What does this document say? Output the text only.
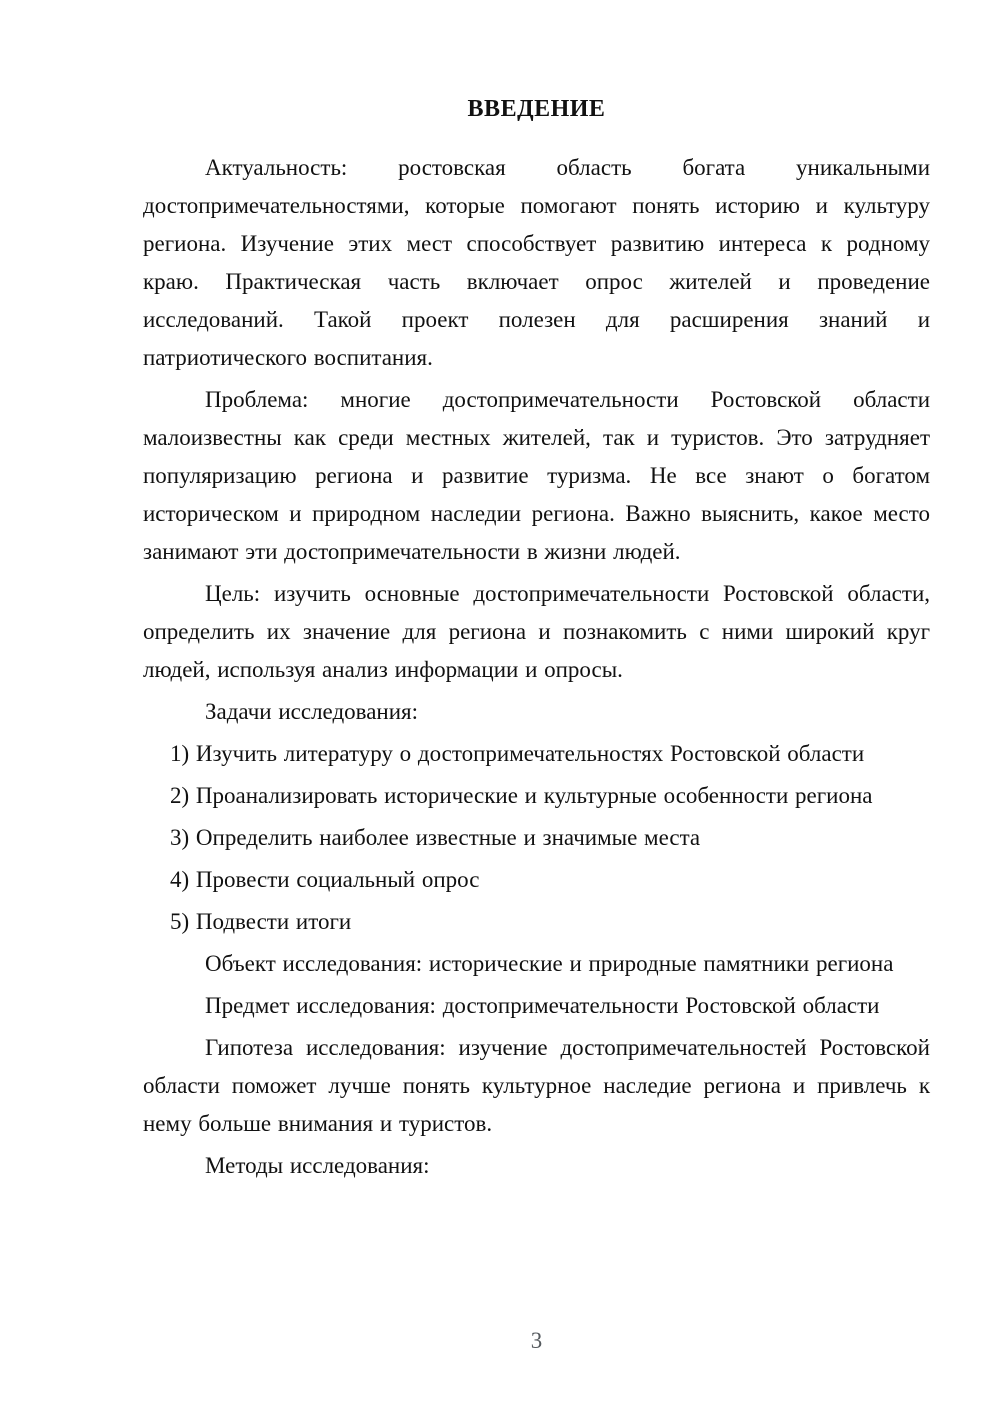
ВВЕДЕНИЕ

Актуальность: ростовская область богата уникальными достопримечательностями, которые помогают понять историю и культуру региона. Изучение этих мест способствует развитию интереса к родному краю. Практическая часть включает опрос жителей и проведение исследований. Такой проект полезен для расширения знаний и патриотического воспитания.

Проблема: многие достопримечательности Ростовской области малоизвестны как среди местных жителей, так и туристов. Это затрудняет популяризацию региона и развитие туризма. Не все знают о богатом историческом и природном наследии региона. Важно выяснить, какое место занимают эти достопримечательности в жизни людей.

Цель: изучить основные достопримечательности Ростовской области, определить их значение для региона и познакомить с ними широкий круг людей, используя анализ информации и опросы.

Задачи исследования:

1) Изучить литературу о достопримечательностях Ростовской области

2) Проанализировать исторические и культурные особенности региона

3) Определить наиболее известные и значимые места

4) Провести социальный опрос

5) Подвести итоги

Объект исследования: исторические и природные памятники региона

Предмет исследования: достопримечательности Ростовской области

Гипотеза исследования: изучение достопримечательностей Ростовской области поможет лучше понять культурное наследие региона и привлечь к нему больше внимания и туристов.

Методы исследования:

3
